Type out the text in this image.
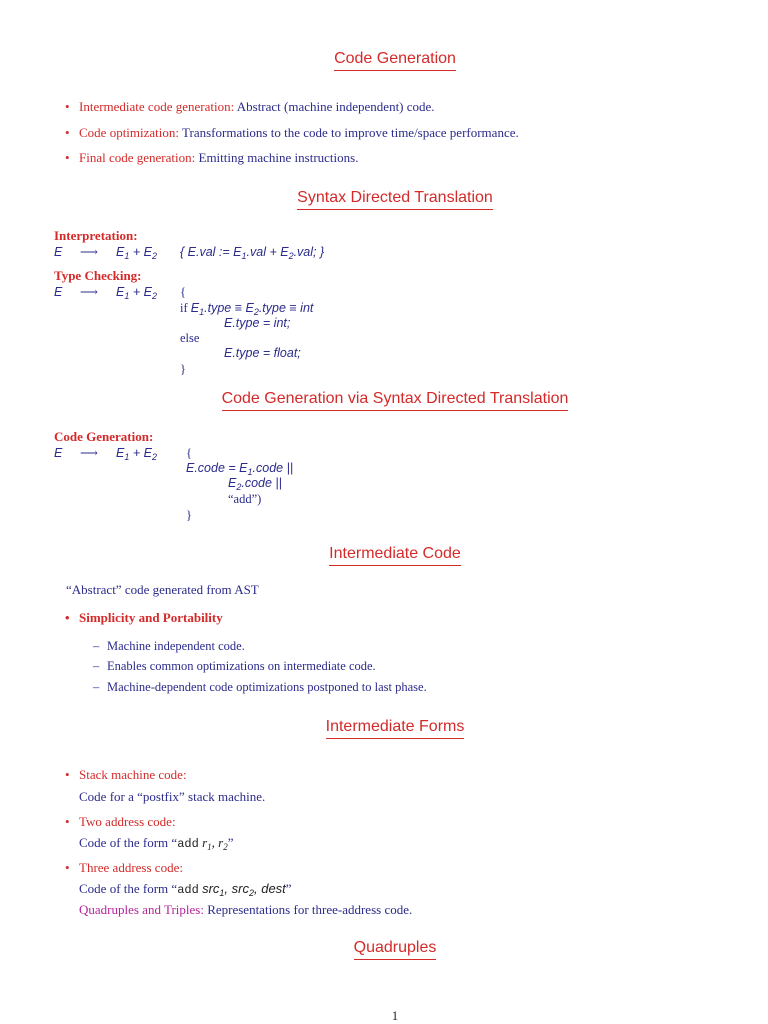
Code Generation
Intermediate code generation: Abstract (machine independent) code.
Code optimization: Transformations to the code to improve time/space performance.
Final code generation: Emitting machine instructions.
Syntax Directed Translation
Interpretation:
E ⟶ $E_1 + E_2$ { E.val := $E_1.val + E_2.val$; }
Type Checking:
E ⟶ $E_1 + E_2$ {
if $E_1.type$ ≡ $E_2.type$ ≡ int
E.type = int;
else
E.type = float;
}
Code Generation via Syntax Directed Translation
Code Generation:
E ⟶ $E_1 + E_2$ {
E.code = $E_1.code$ ||
$E_2.code$ ||
“add”)
}
Intermediate Code
“Abstract” code generated from AST
Simplicity and Portability
Machine independent code.
Enables common optimizations on intermediate code.
Machine-dependent code optimizations postponed to last phase.
Intermediate Forms
Stack machine code:
Code for a “postfix” stack machine.
Two address code:
Code of the form “add $r_1$, $r_2$”
Three address code:
Code of the form “add src$_1$, src$_2$, dest”
Quadruples and Triples: Representations for three-address code.
Quadruples
1
